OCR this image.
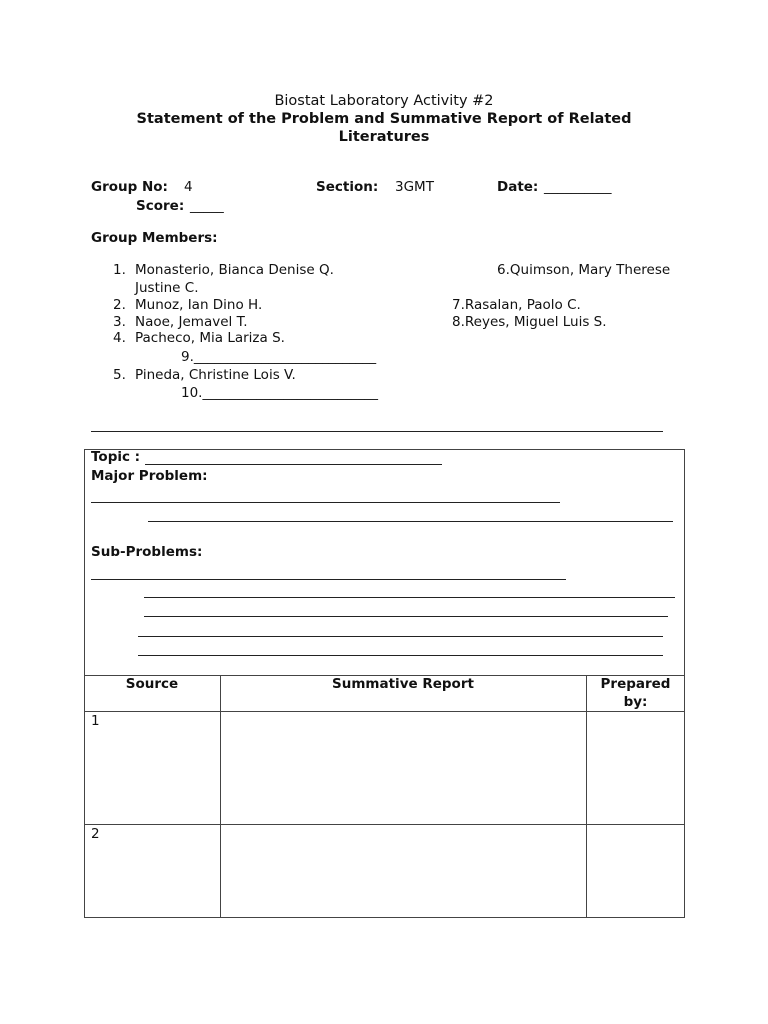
Biostat Laboratory Activity #2
Statement of the Problem and Summative Report of Related
Literatures
Group No: 4	Section: 3GMT	Date: __________
Score: _____
Group Members:
1. Monasterio, Bianca Denise Q.	6.Quimson, Mary Therese
Justine C.
2. Munoz, Ian Dino H.	7.Rasalan, Paolo C.
3. Naoe, Jemavel T.	8.Reyes, Miguel Luis S.
4. Pacheco, Mia Lariza S.
9.___________________________
5. Pineda, Christine Lois V.
10.__________________________
Topic :
Major Problem:
Sub-Problems:
Source	Summative Report	Prepared
by:
1
2
